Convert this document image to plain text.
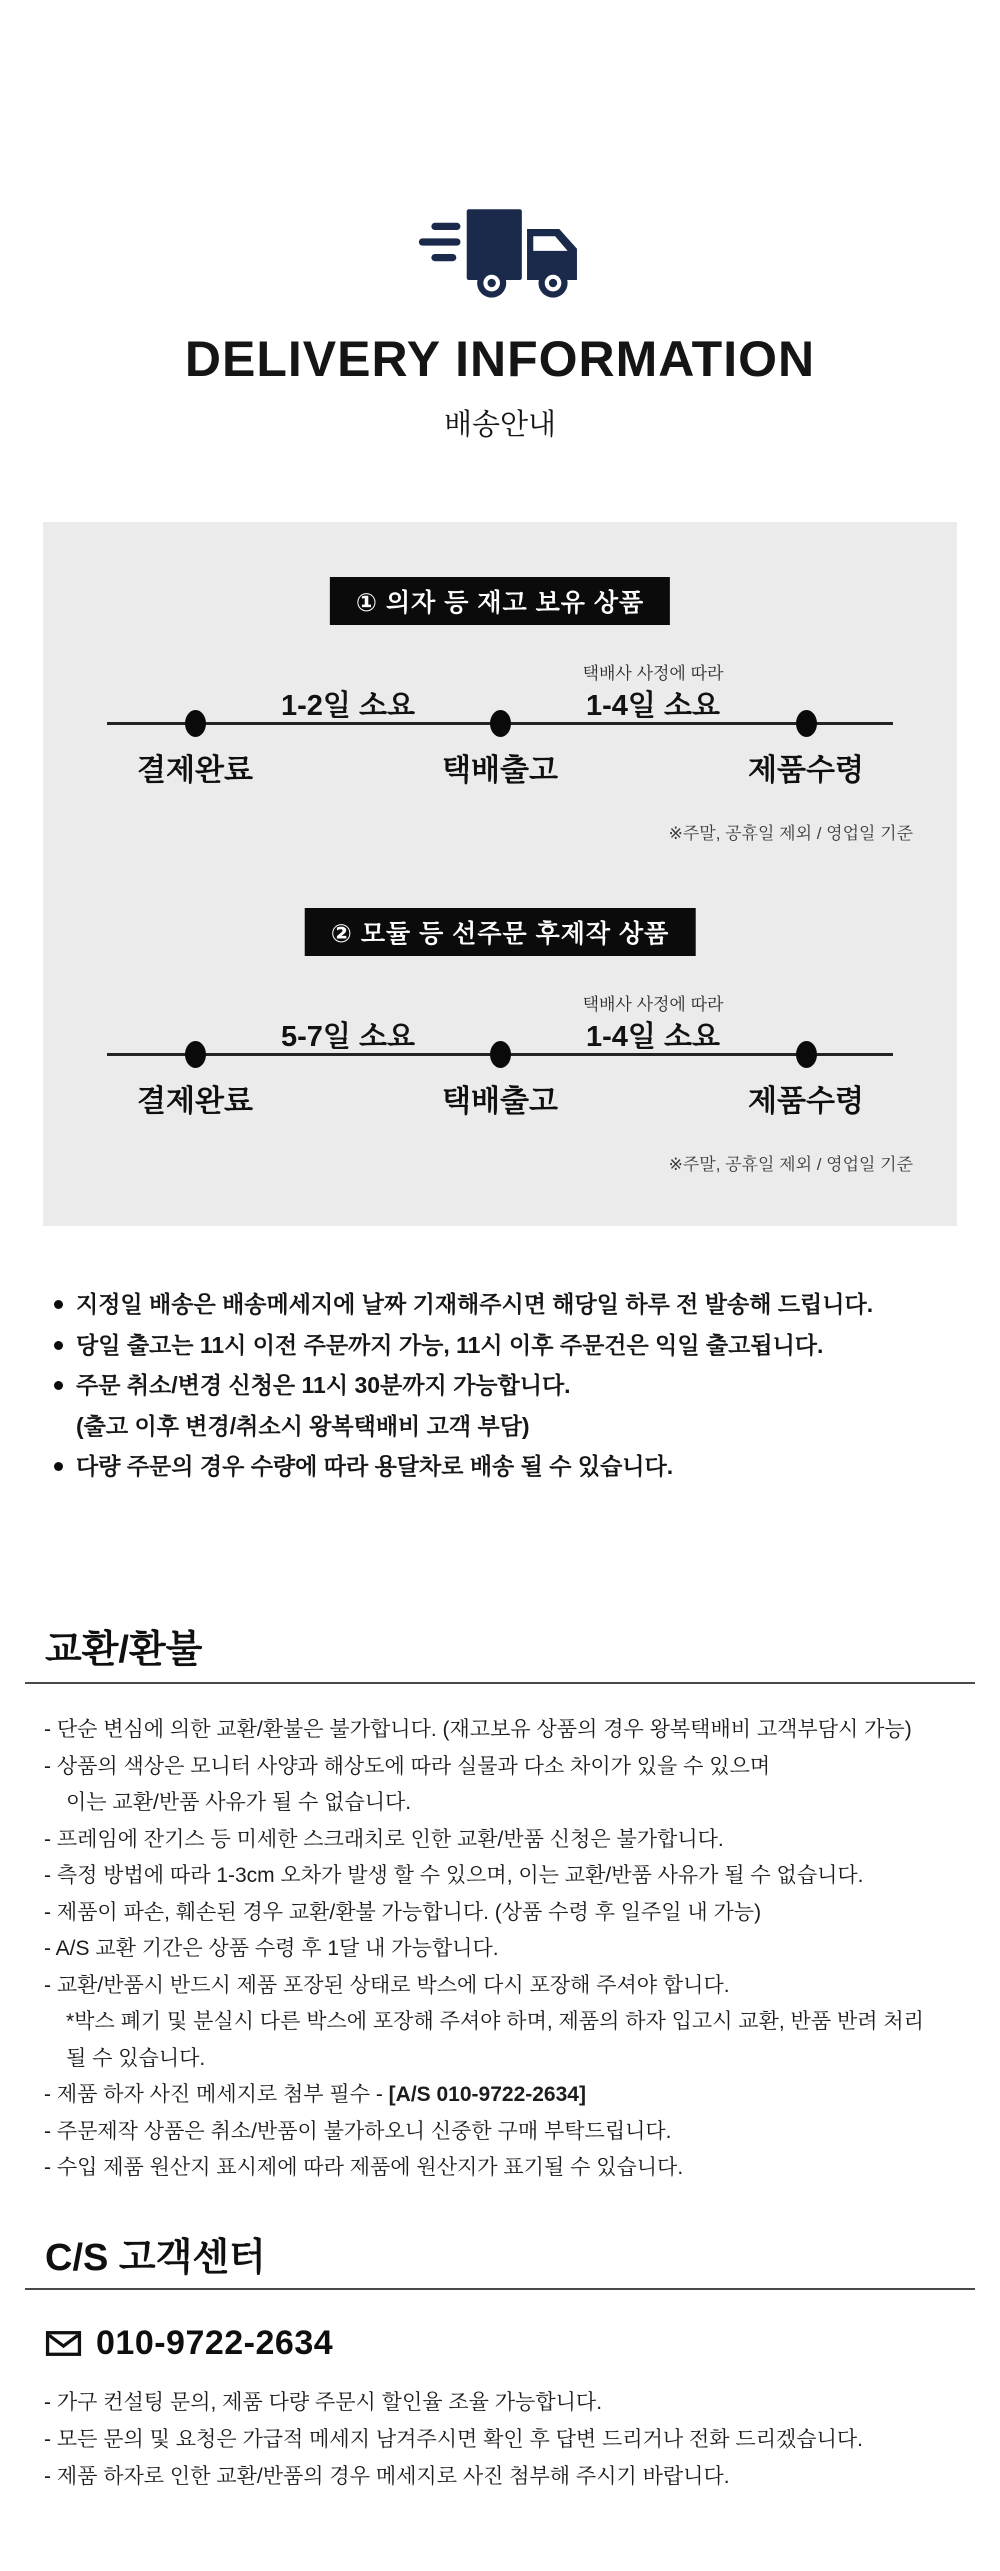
DELIVERY INFORMATION
배송안내
① 의자 등 재고 보유 상품
택배사 사정에 따라
1-2일 소요	1-4일 소요
결제완료	택배출고	제품수령
※주말, 공휴일 제외 / 영업일 기준
② 모듈 등 선주문 후제작 상품
택배사 사정에 따라
5-7일 소요	1-4일 소요
결제완료	택배출고	제품수령
※주말, 공휴일 제외 / 영업일 기준
지정일 배송은 배송메세지에 날짜 기재해주시면 해당일 하루 전 발송해 드립니다.
당일 출고는 11시 이전 주문까지 가능, 11시 이후 주문건은 익일 출고됩니다.
주문 취소/변경 신청은 11시 30분까지 가능합니다.
(출고 이후 변경/취소시 왕복택배비 고객 부담)
다량 주문의 경우 수량에 따라 용달차로 배송 될 수 있습니다.
교환/환불
- 단순 변심에 의한 교환/환불은 불가합니다. (재고보유 상품의 경우 왕복택배비 고객부담시 가능)
- 상품의 색상은 모니터 사양과 해상도에 따라 실물과 다소 차이가 있을 수 있으며
이는 교환/반품 사유가 될 수 없습니다.
- 프레임에 잔기스 등 미세한 스크래치로 인한 교환/반품 신청은 불가합니다.
- 측정 방법에 따라 1-3cm 오차가 발생 할 수 있으며, 이는 교환/반품 사유가 될 수 없습니다.
- 제품이 파손, 훼손된 경우 교환/환불 가능합니다. (상품 수령 후 일주일 내 가능)
- A/S 교환 기간은 상품 수령 후 1달 내 가능합니다.
- 교환/반품시 반드시 제품 포장된 상태로 박스에 다시 포장해 주셔야 합니다.
*박스 폐기 및 분실시 다른 박스에 포장해 주셔야 하며, 제품의 하자 입고시 교환, 반품 반려 처리
될 수 있습니다.
- 제품 하자 사진 메세지로 첨부 필수 - [A/S 010-9722-2634]
- 주문제작 상품은 취소/반품이 불가하오니 신중한 구매 부탁드립니다.
- 수입 제품 원산지 표시제에 따라 제품에 원산지가 표기될 수 있습니다.
C/S 고객센터
010-9722-2634
- 가구 컨설팅 문의, 제품 다량 주문시 할인율 조율 가능합니다.
- 모든 문의 및 요청은 가급적 메세지 남겨주시면 확인 후 답변 드리거나 전화 드리겠습니다.
- 제품 하자로 인한 교환/반품의 경우 메세지로 사진 첨부해 주시기 바랍니다.
